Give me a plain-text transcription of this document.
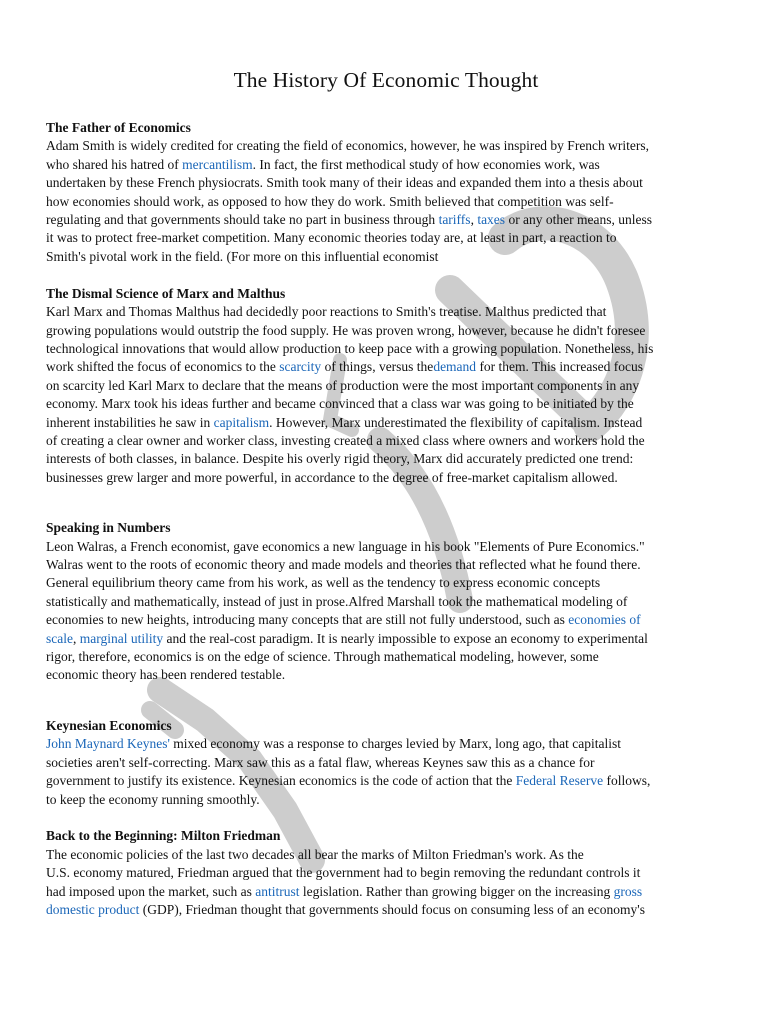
The History Of Economic Thought
The Father of Economics

Adam Smith is widely credited for creating the field of economics, however, he was inspired by French writers,
who shared his hatred of mercantilism. In fact, the first methodical study of how economies work, was
undertaken by these French physiocrats. Smith took many of their ideas and expanded them into a thesis about
how economies should work, as opposed to how they do work. Smith believed that competition was self-
regulating and that governments should take no part in business through tariffs, taxes or any other means, unless
it was to protect free-market competition. Many economic theories today are, at least in part, a reaction to
Smith's pivotal work in the field. (For more on this influential economist

The Dismal Science of Marx and Malthus

Karl Marx and Thomas Malthus had decidedly poor reactions to Smith's treatise. Malthus predicted that
growing populations would outstrip the food supply. He was proven wrong, however, because he didn't foresee
technological innovations that would allow production to keep pace with a growing population. Nonetheless, his
work shifted the focus of economics to the scarcity of things, versus thedemand for them. This increased focus
on scarcity led Karl Marx to declare that the means of production were the most important components in any
economy. Marx took his ideas further and became convinced that a class war was going to be initiated by the
inherent instabilities he saw in capitalism. However, Marx underestimated the flexibility of capitalism. Instead
of creating a clear owner and worker class, investing created a mixed class where owners and workers hold the
interests of both classes, in balance. Despite his overly rigid theory, Marx did accurately predicted one trend:
businesses grew larger and more powerful, in accordance to the degree of free-market capitalism allowed.

Speaking in Numbers

Leon Walras, a French economist, gave economics a new language in his book "Elements of Pure Economics."
Walras went to the roots of economic theory and made models and theories that reflected what he found there.
General equilibrium theory came from his work, as well as the tendency to express economic concepts
statistically and mathematically, instead of just in prose.Alfred Marshall took the mathematical modeling of
economies to new heights, introducing many concepts that are still not fully understood, such as economies of
scale, marginal utility and the real-cost paradigm. It is nearly impossible to expose an economy to experimental
rigor, therefore, economics is on the edge of science. Through mathematical modeling, however, some
economic theory has been rendered testable.

Keynesian Economics

John Maynard Keynes' mixed economy was a response to charges levied by Marx, long ago, that capitalist
societies aren't self-correcting. Marx saw this as a fatal flaw, whereas Keynes saw this as a chance for
government to justify its existence. Keynesian economics is the code of action that the Federal Reserve follows,
to keep the economy running smoothly.

Back to the Beginning: Milton Friedman

The economic policies of the last two decades all bear the marks of Milton Friedman's work. As the
U.S. economy matured, Friedman argued that the government had to begin removing the redundant controls it
had imposed upon the market, such as antitrust legislation. Rather than growing bigger on the increasing gross
domestic product (GDP), Friedman thought that governments should focus on consuming less of an economy's
